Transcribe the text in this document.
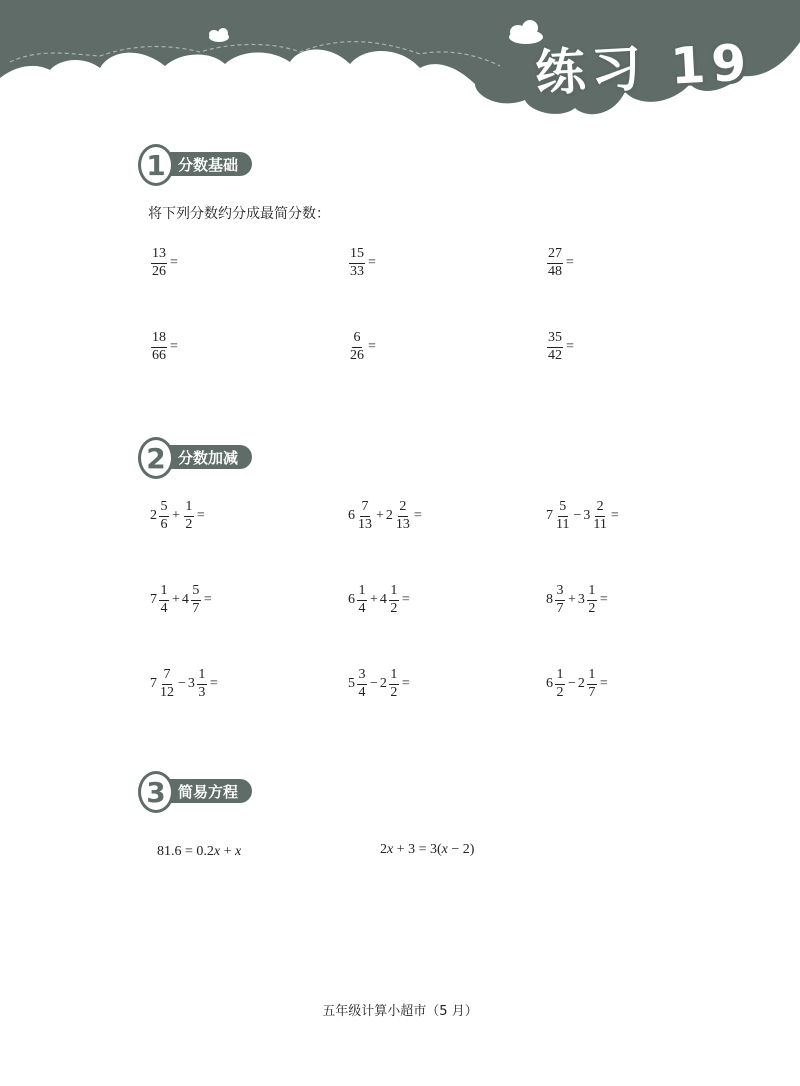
练习 19
1 分数基础
将下列分数约分成最简分数：
$\frac{13}{26}$ =	$\frac{15}{33}$ =	$\frac{27}{48}$ =
$\frac{18}{66}$ =	$\frac{6}{26}$ =	$\frac{35}{42}$ =
2 分数加减
$2 \frac{5}{6} + \frac{1}{2}$ =	$6 \frac{7}{13} + 2 \frac{2}{13}$ =	$7 \frac{5}{11} - 3 \frac{2}{11}$ =
$7 \frac{1}{4} + 4 \frac{5}{7}$ =	$6 \frac{1}{4} + 4 \frac{1}{2}$ =	$8 \frac{3}{7} + 3 \frac{1}{2}$ =
$7 \frac{7}{12} - 3 \frac{1}{3}$ =	$5 \frac{3}{4} - 2 \frac{1}{2}$ =	$6 \frac{1}{2} - 2 \frac{1}{7}$ =
3 简易方程
81.6 = 0.2x + x	2x + 3 = 3(x − 2)
五年级计算小超市（5 月）
